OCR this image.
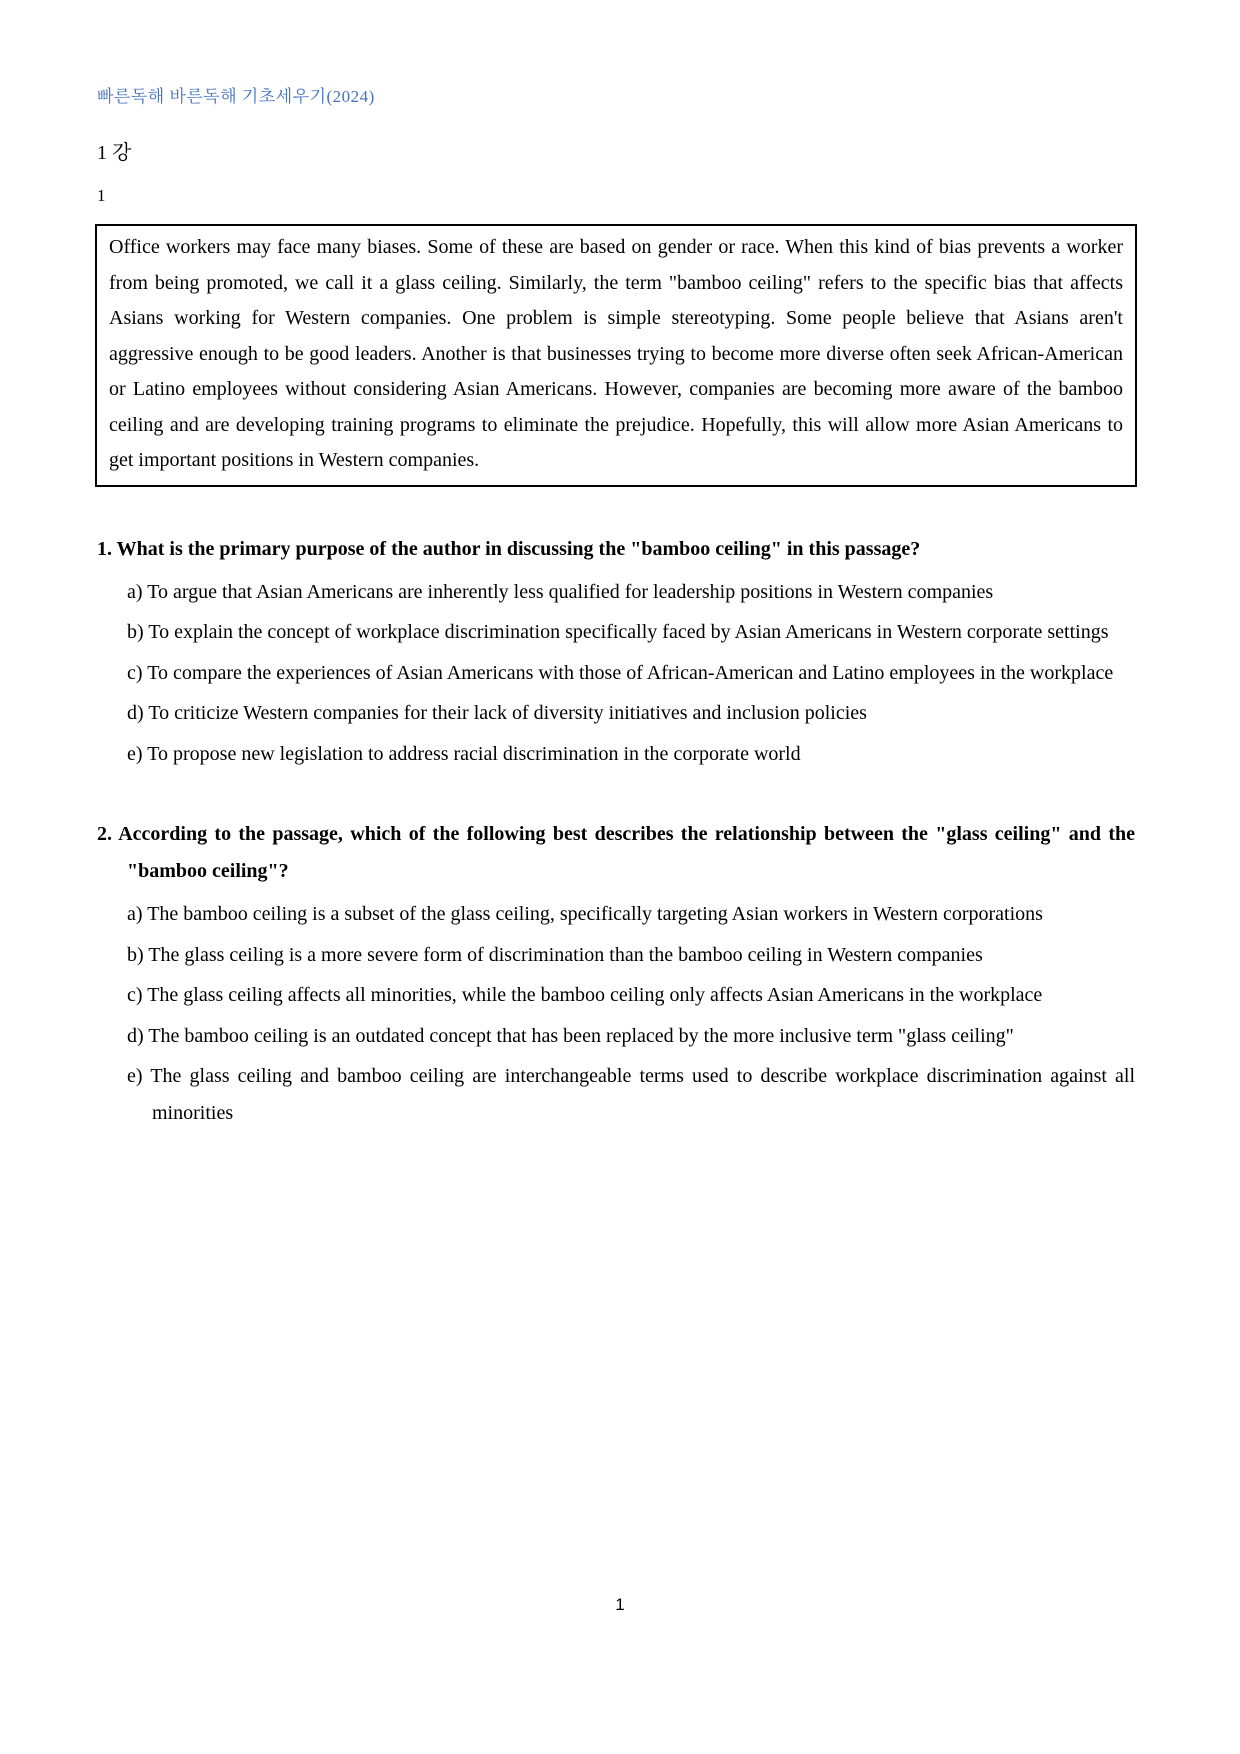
빠른독해 바른독해 기초세우기(2024)
1 강
1

Office workers may face many biases. Some of these are based on gender or race. When this kind of bias prevents a worker from being promoted, we call it a glass ceiling. Similarly, the term "bamboo ceiling" refers to the specific bias that affects Asians working for Western companies. One problem is simple stereotyping. Some people believe that Asians aren't aggressive enough to be good leaders. Another is that businesses trying to become more diverse often seek African-American or Latino employees without considering Asian Americans. However, companies are becoming more aware of the bamboo ceiling and are developing training programs to eliminate the prejudice. Hopefully, this will allow more Asian Americans to get important positions in Western companies.

1. What is the primary purpose of the author in discussing the "bamboo ceiling" in this passage?

a) To argue that Asian Americans are inherently less qualified for leadership positions in Western companies

b) To explain the concept of workplace discrimination specifically faced by Asian Americans in Western corporate settings

c) To compare the experiences of Asian Americans with those of African-American and Latino employees in the workplace

d) To criticize Western companies for their lack of diversity initiatives and inclusion policies

e) To propose new legislation to address racial discrimination in the corporate world

2. According to the passage, which of the following best describes the relationship between the "glass ceiling" and the "bamboo ceiling"?

a) The bamboo ceiling is a subset of the glass ceiling, specifically targeting Asian workers in Western corporations

b) The glass ceiling is a more severe form of discrimination than the bamboo ceiling in Western companies

c) The glass ceiling affects all minorities, while the bamboo ceiling only affects Asian Americans in the workplace

d) The bamboo ceiling is an outdated concept that has been replaced by the more inclusive term "glass ceiling"

e) The glass ceiling and bamboo ceiling are interchangeable terms used to describe workplace discrimination against all minorities

1
